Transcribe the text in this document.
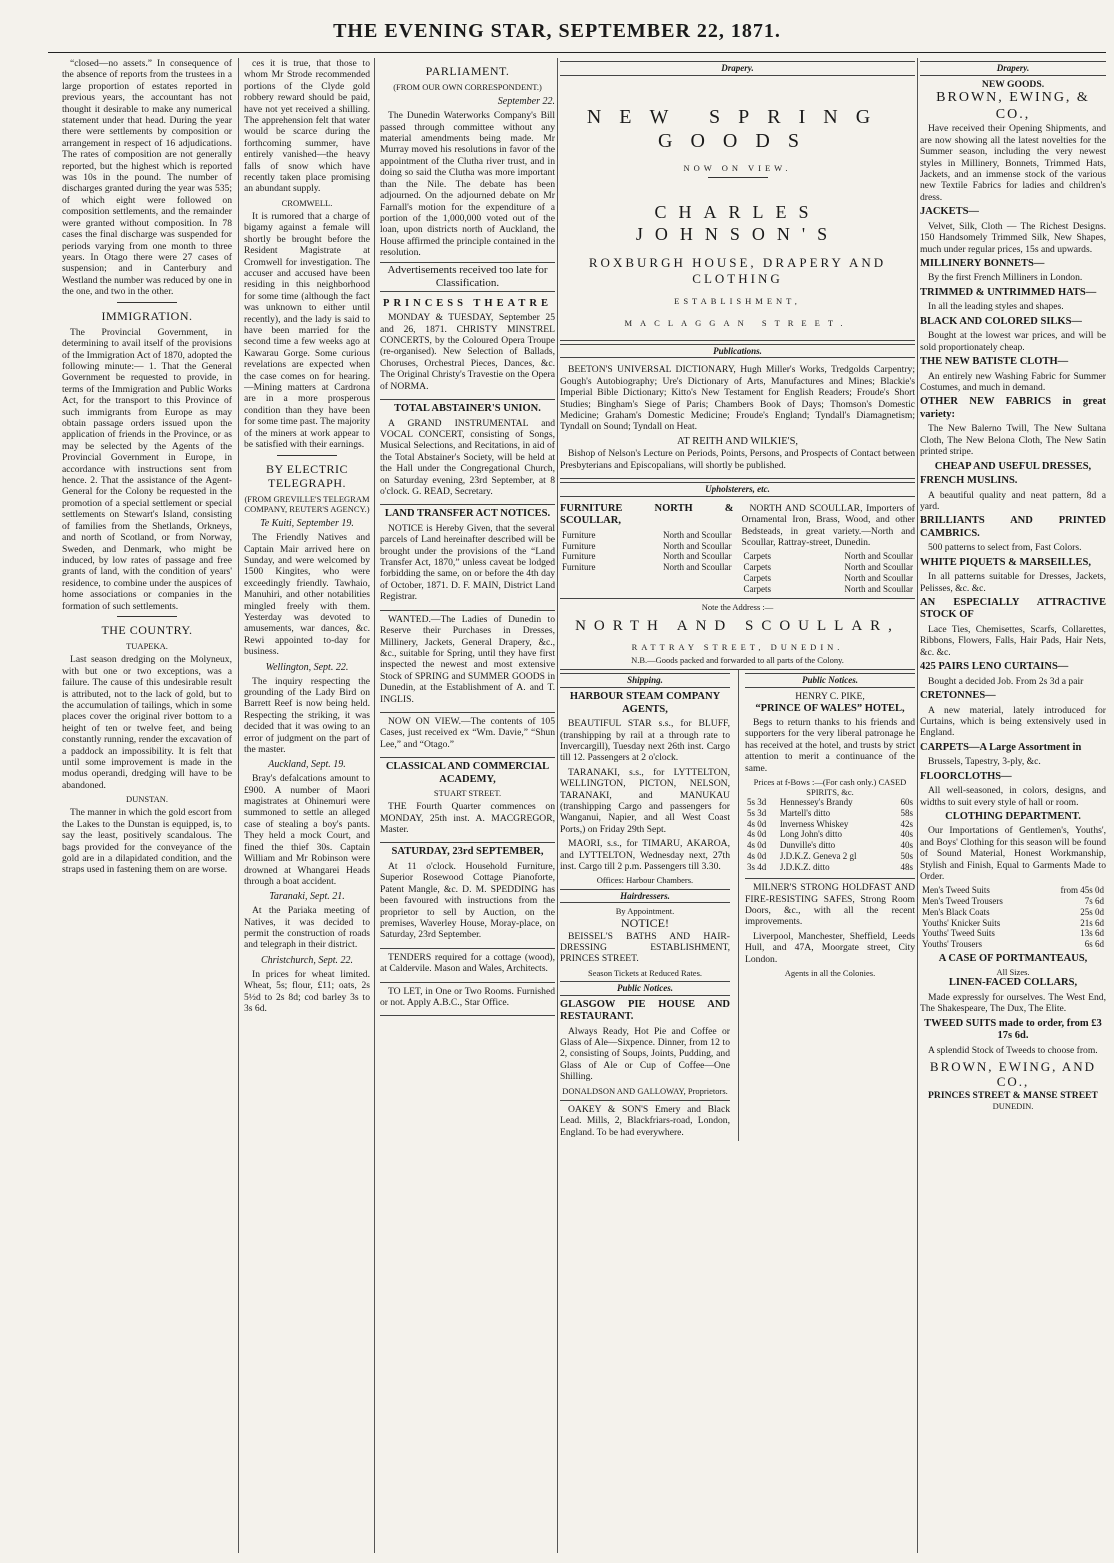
THE EVENING STAR, SEPTEMBER 22, 1871.

“closed—no assets.” In consequence of the absence of reports from the trustees in a large proportion of estates reported in previous years, the accountant has not thought it desirable to make any numerical statement under that head. During the year there were settlements by composition or arrangement in respect of 16 adjudications. The rates of composition are not generally reported, but the highest which is reported was 10s in the pound. The number of discharges granted during the year was 535; of which eight were followed on composition settlements, and the remainder were granted without composition. In 78 cases the final discharge was suspended for periods varying from one month to three years. In Otago there were 27 cases of suspension; and in Canterbury and Westland the number was reduced by one in the one, and two in the other.

IMMIGRATION.

The Provincial Government, in determining to avail itself of the provisions of the Immigration Act of 1870, adopted the following minute:— 1. That the General Government be requested to provide, in terms of the Immigration and Public Works Act, for the transport to this Province of such immigrants from Europe as may obtain passage orders issued upon the application of friends in the Province, or as may be selected by the Agents of the Provincial Government in Europe, in accordance with instructions sent from hence. 2. That the assistance of the Agent-General for the Colony be requested in the promotion of a special settlement or special settlements on Stewart's Island, consisting of families from the Shetlands, Orkneys, and north of Scotland, or from Norway, Sweden, and Denmark, who might be induced, by low rates of passage and free grants of land, with the condition of years' residence, to combine under the auspices of home associations or companies in the formation of such settlements.

THE COUNTRY.
TUAPEKA.

Last season dredging on the Molyneux, with but one or two exceptions, was a failure. The cause of this undesirable result is attributed, not to the lack of gold, but to the accumulation of tailings, which in some places cover the original river bottom to a height of ten or twelve feet, and being constantly running, render the excavation of a paddock an impossibility. It is felt that until some improvement is made in the modus operandi, dredging will have to be abandoned.

DUNSTAN.

The manner in which the gold escort from the Lakes to the Dunstan is equipped, is, to say the least, positively scandalous. The bags provided for the conveyance of the gold are in a dilapidated condition, and the straps used in fastening them on are worse.

ces it is true, that those to whom Mr Strode recommended portions of the Clyde gold robbery reward should be paid, have not yet received a shilling. The apprehension felt that water would be scarce during the forthcoming summer, have entirely vanished—the heavy falls of snow which have recently taken place promising an abundant supply.

CROMWELL.

It is rumored that a charge of bigamy against a female will shortly be brought before the Resident Magistrate at Cromwell for investigation. The accuser and accused have been residing in this neighborhood for some time (although the fact was unknown to either until recently), and the lady is said to have been married for the second time a few weeks ago at Kawarau Gorge. Some curious revelations are expected when the case comes on for hearing.—Mining matters at Cardrona are in a more prosperous condition than they have been for some time past. The majority of the miners at work appear to be satisfied with their earnings.

BY ELECTRIC TELEGRAPH.
(FROM GREVILLE'S TELEGRAM COMPANY, REUTER'S AGENCY.)
Te Kuiti, September 19.

The Friendly Natives and Captain Mair arrived here on Sunday, and were welcomed by 1500 Kingites, who were exceedingly friendly. Tawhaio, Manuhiri, and other notabilities mingled freely with them. Yesterday was devoted to amusements, war dances, &c. Rewi appointed to-day for business.

Wellington, Sept. 22.

The inquiry respecting the grounding of the Lady Bird on Barrett Reef is now being held. Respecting the striking, it was decided that it was owing to an error of judgment on the part of the master.

Auckland, Sept. 19.

Bray's defalcations amount to £900. A number of Maori magistrates at Ohinemuri were summoned to settle an alleged case of stealing a boy's pants. They held a mock Court, and fined the thief 30s. Captain William and Mr Robinson were drowned at Whangarei Heads through a boat accident.

Taranaki, Sept. 21.

At the Pariaka meeting of Natives, it was decided to permit the construction of roads and telegraph in their district.

Christchurch, Sept. 22.

In prices for wheat limited. Wheat, 5s; flour, £11; oats, 2s 5½d to 2s 8d; cod barley 3s to 3s 6d.

PARLIAMENT.
(FROM OUR OWN CORRESPONDENT.)
September 22.

The Dunedin Waterworks Company's Bill passed through committee without any material amendments being made. Mr Murray moved his resolutions in favor of the appointment of the Clutha river trust, and in doing so said the Clutha was more important than the Nile. The debate has been adjourned. On the adjourned debate on Mr Farnall's motion for the expenditure of a portion of the 1,000,000 voted out of the loan, upon districts north of Auckland, the House affirmed the principle contained in the resolution.

Advertisements received too late for Classification.
PRINCESS THEATRE

MONDAY & TUESDAY, September 25 and 26, 1871. CHRISTY MINSTREL CONCERTS, by the Coloured Opera Troupe (re-organised). New Selection of Ballads, Choruses, Orchestral Pieces, Dances, &c. The Original Christy's Travestie on the Opera of NORMA.

TOTAL ABSTAINER'S UNION.

A GRAND INSTRUMENTAL and VOCAL CONCERT, consisting of Songs, Musical Selections, and Recitations, in aid of the Total Abstainer's Society, will be held at the Hall under the Congregational Church, on Saturday evening, 23rd September, at 8 o'clock. G. READ, Secretary.

LAND TRANSFER ACT NOTICES.

NOTICE is Hereby Given, that the several parcels of Land hereinafter described will be brought under the provisions of the “Land Transfer Act, 1870,” unless caveat be lodged forbidding the same, on or before the 4th day of October, 1871. D. F. MAIN, District Land Registrar.

WANTED.—The Ladies of Dunedin to Reserve their Purchases in Dresses, Millinery, Jackets, General Drapery, &c., &c., suitable for Spring, until they have first inspected the newest and most extensive Stock of SPRING and SUMMER GOODS in Dunedin, at the Establishment of A. and T. INGLIS.

NOW ON VIEW.—The contents of 105 Cases, just received ex “Wm. Davie,” “Shun Lee,” and “Otago.”

CLASSICAL AND COMMERCIAL ACADEMY,
STUART STREET.

THE Fourth Quarter commences on MONDAY, 25th inst. A. MACGREGOR, Master.

SATURDAY, 23rd SEPTEMBER,

At 11 o'clock. Household Furniture, Superior Rosewood Cottage Pianoforte, Patent Mangle, &c. D. M. SPEDDING has been favoured with instructions from the proprietor to sell by Auction, on the premises, Waverley House, Moray-place, on Saturday, 23rd September.

TENDERS required for a cottage (wood), at Caldervile. Mason and Wales, Architects.

TO LET, in One or Two Rooms. Furnished or not. Apply A.B.C., Star Office.

Drapery.
NEW SPRING GOODS
NOW ON VIEW.
CHARLES JOHNSON'S
ROXBURGH HOUSE, DRAPERY AND CLOTHING
ESTABLISHMENT,
MACLAGGAN STREET.
Publications.

BEETON'S UNIVERSAL DICTIONARY, Hugh Miller's Works, Tredgolds Carpentry; Gough's Autobiography; Ure's Dictionary of Arts, Manufactures and Mines; Blackie's Imperial Bible Dictionary; Kitto's New Testament for English Readers; Froude's Short Studies; Bingham's Siege of Paris; Chambers Book of Days; Thomson's Domestic Medicine; Graham's Domestic Medicine; Froude's England; Tyndall's Diamagnetism; Tyndall on Sound; Tyndall on Heat.

AT REITH AND WILKIE'S,

Bishop of Nelson's Lecture on Periods, Points, Persons, and Prospects of Contact between Presbyterians and Episcopalians, will shortly be published.

Upholsterers, etc.
FURNITURE NORTH & SCOULLAR,
Furniture	North and Scoullar
Furniture	North and Scoullar
Furniture	North and Scoullar
Furniture	North and Scoullar

NORTH AND SCOULLAR, Importers of Ornamental Iron, Brass, Wood, and other Bedsteads, in great variety.—North and Scoullar, Rattray-street, Dunedin.

Carpets	North and Scoullar
Carpets	North and Scoullar
Carpets	North and Scoullar
Carpets	North and Scoullar
Note the Address :—
NORTH AND SCOULLAR,
RATTRAY STREET, DUNEDIN.
N.B.—Goods packed and forwarded to all parts of the Colony.
Shipping.
HARBOUR STEAM COMPANY AGENTS,

BEAUTIFUL STAR s.s., for BLUFF, (transhipping by rail at a through rate to Invercargill), Tuesday next 26th inst. Cargo till 12. Passengers at 2 o'clock.

TARANAKI, s.s., for LYTTELTON, WELLINGTON, PICTON, NELSON, TARANAKI, and MANUKAU (transhipping Cargo and passengers for Wanganui, Napier, and all West Coast Ports,) on Friday 29th Sept.

MAORI, s.s., for TIMARU, AKAROA, and LYTTELTON, Wednesday next, 27th inst. Cargo till 2 p.m. Passengers till 3.30.

Offices: Harbour Chambers.
Hairdressers.
By Appointment.
NOTICE!

BEISSEL'S BATHS AND HAIR-DRESSING ESTABLISHMENT, PRINCES STREET.

Season Tickets at Reduced Rates.
Public Notices.
GLASGOW PIE HOUSE AND RESTAURANT.

Always Ready, Hot Pie and Coffee or Glass of Ale—Sixpence. Dinner, from 12 to 2, consisting of Soups, Joints, Pudding, and Glass of Ale or Cup of Coffee—One Shilling.

DONALDSON AND GALLOWAY, Proprietors.

OAKEY & SON'S Emery and Black Lead. Mills, 2, Blackfriars-road, London, England. To be had everywhere.

Public Notices.
HENRY C. PIKE,
“PRINCE OF WALES” HOTEL,

Begs to return thanks to his friends and supporters for the very liberal patronage he has received at the hotel, and trusts by strict attention to merit a continuance of the same.

Prices at f-Bows :—(For cash only.) CASED SPIRITS, &c.
5s 3d	Hennessey's Brandy	60s
5s 3d	Martell's ditto	58s
4s 0d	Inverness Whiskey	42s
4s 0d	Long John's ditto	40s
4s 0d	Dunville's ditto	40s
4s 0d	J.D.K.Z. Geneva 2 gl	50s
3s 4d	J.D.K.Z. ditto	48s

MILNER'S STRONG HOLDFAST AND FIRE-RESISTING SAFES, Strong Room Doors, &c., with all the recent improvements.

Liverpool, Manchester, Sheffield, Leeds Hull, and 47A, Moorgate street, City London.

Agents in all the Colonies.
Drapery.
NEW GOODS.
BROWN, EWING, & CO.,

Have received their Opening Shipments, and are now showing all the latest novelties for the Summer season, including the very newest styles in Millinery, Bonnets, Trimmed Hats, Jackets, and an immense stock of the various new Textile Fabrics for ladies and children's dress.

JACKETS—

Velvet, Silk, Cloth — The Richest Designs. 150 Handsomely Trimmed Silk, New Shapes, much under regular prices, 15s and upwards.

MILLINERY BONNETS—

By the first French Milliners in London.

TRIMMED & UNTRIMMED HATS—

In all the leading styles and shapes.

BLACK AND COLORED SILKS—

Bought at the lowest war prices, and will be sold proportionately cheap.

THE NEW BATISTE CLOTH—

An entirely new Washing Fabric for Summer Costumes, and much in demand.

OTHER NEW FABRICS in great variety:

The New Balerno Twill, The New Sultana Cloth, The New Belona Cloth, The New Satin printed stripe.

CHEAP AND USEFUL DRESSES,
FRENCH MUSLINS.

A beautiful quality and neat pattern, 8d a yard.

BRILLIANTS AND PRINTED CAMBRICS.

500 patterns to select from, Fast Colors.

WHITE PIQUETS & MARSEILLES,

In all patterns suitable for Dresses, Jackets, Pelisses, &c. &c.

AN ESPECIALLY ATTRACTIVE STOCK OF

Lace Ties, Chemisettes, Scarfs, Collarettes, Ribbons, Flowers, Falls, Hair Pads, Hair Nets, &c. &c.

425 PAIRS LENO CURTAINS—

Bought a decided Job. From 2s 3d a pair

CRETONNES—

A new material, lately introduced for Curtains, which is being extensively used in England.

CARPETS—A Large Assortment in

Brussels, Tapestry, 3-ply, &c.

FLOORCLOTHS—

All well-seasoned, in colors, designs, and widths to suit every style of hall or room.

CLOTHING DEPARTMENT.

Our Importations of Gentlemen's, Youths', and Boys' Clothing for this season will be found of Sound Material, Honest Workmanship, Stylish and Finish, Equal to Garments Made to Order.

Men's Tweed Suits	from 45s 0d
Men's Tweed Trousers	7s 6d
Men's Black Coats	25s 0d
Youths' Knicker Suits	21s 6d
Youths' Tweed Suits	13s 6d
Youths' Trousers	6s 6d
A CASE OF PORTMANTEAUS,
All Sizes.
LINEN-FACED COLLARS,

Made expressly for ourselves. The West End, The Shakespeare, The Dux, The Elite.

TWEED SUITS made to order, from £3 17s 6d.

A splendid Stock of Tweeds to choose from.

BROWN, EWING, AND CO.,
PRINCES STREET & MANSE STREET
DUNEDIN.
